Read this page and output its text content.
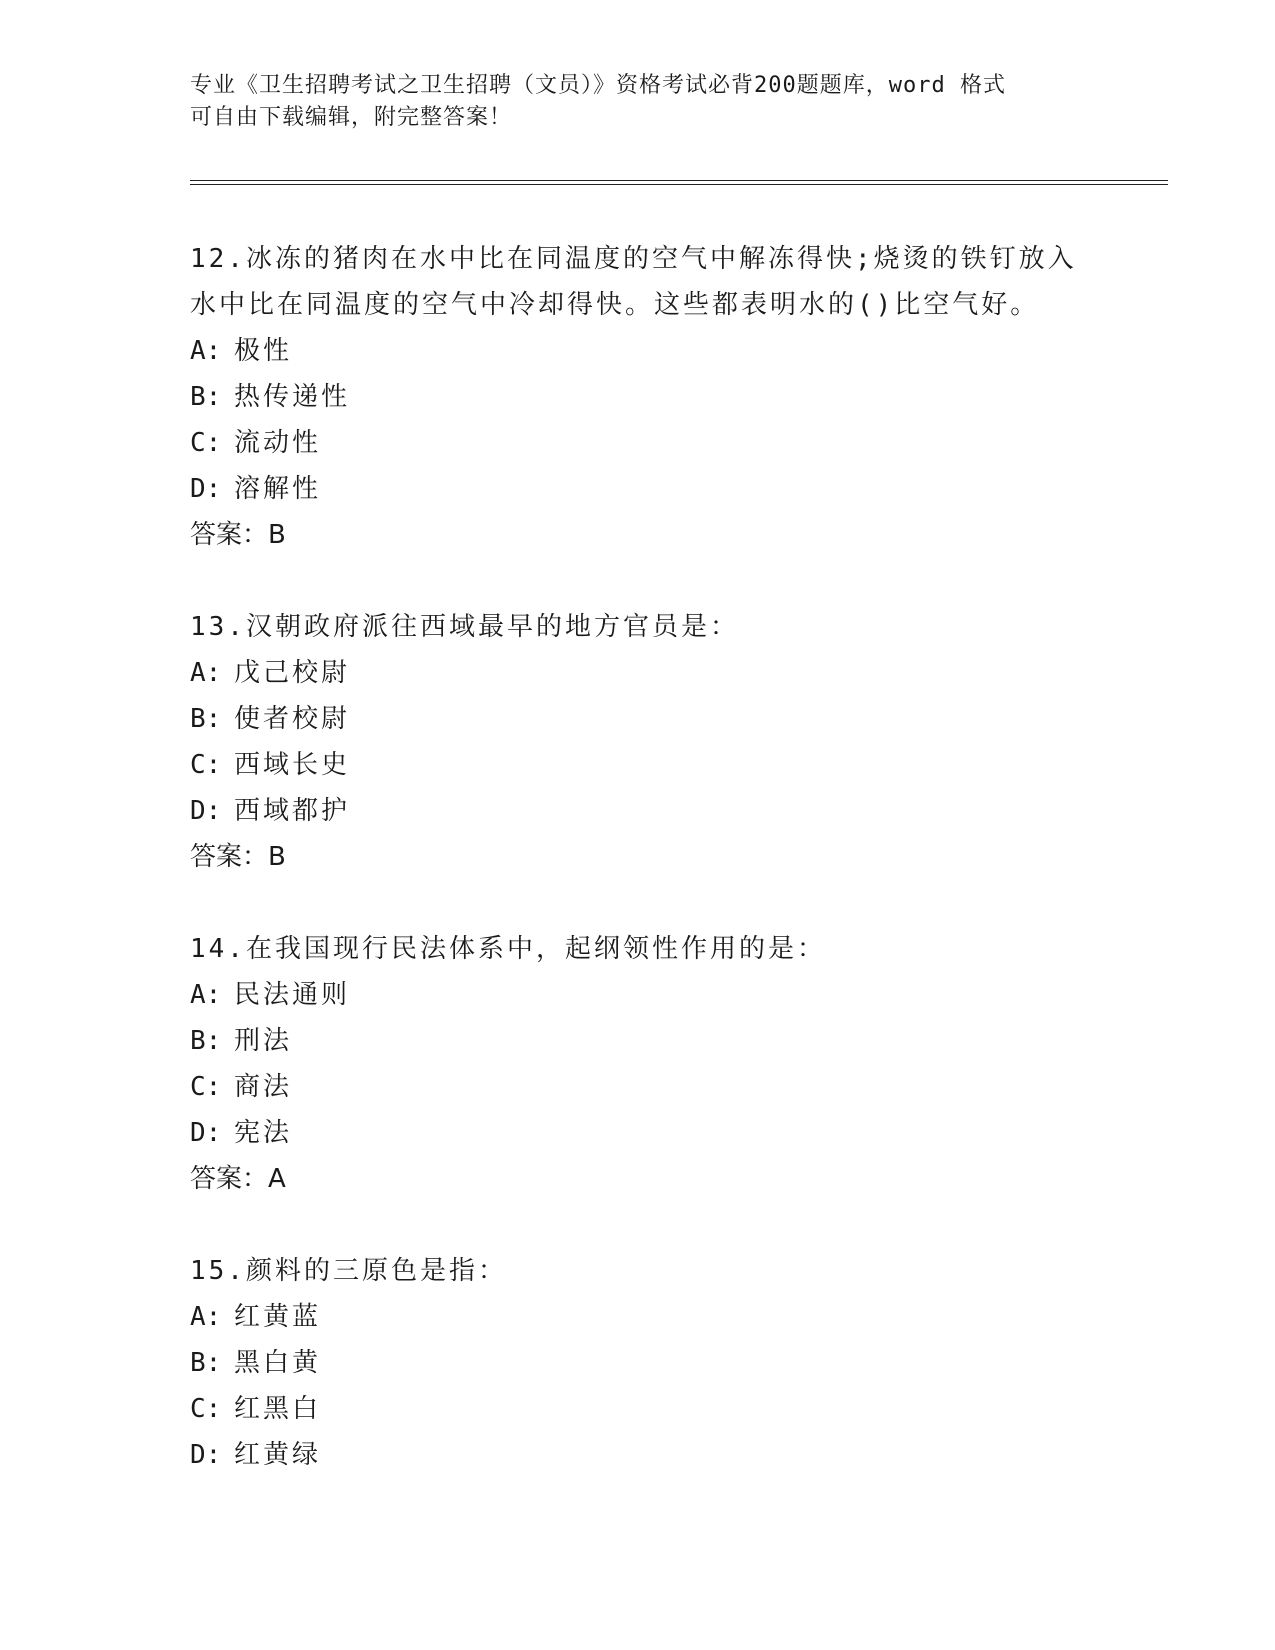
专业《卫生招聘考试之卫生招聘（文员）》资格考试必背200题题库，word 格式
可自由下载编辑，附完整答案！
12.冰冻的猪肉在水中比在同温度的空气中解冻得快;烧烫的铁钉放入
水中比在同温度的空气中冷却得快。这些都表明水的()比空气好。
A: 极性
B: 热传递性
C: 流动性
D: 溶解性
答案：B
13.汉朝政府派往西域最早的地方官员是：
A: 戊己校尉
B: 使者校尉
C: 西域长史
D: 西域都护
答案：B
14.在我国现行民法体系中，起纲领性作用的是：
A: 民法通则
B: 刑法
C: 商法
D: 宪法
答案：A
15.颜料的三原色是指：
A: 红黄蓝
B: 黑白黄
C: 红黑白
D: 红黄绿
